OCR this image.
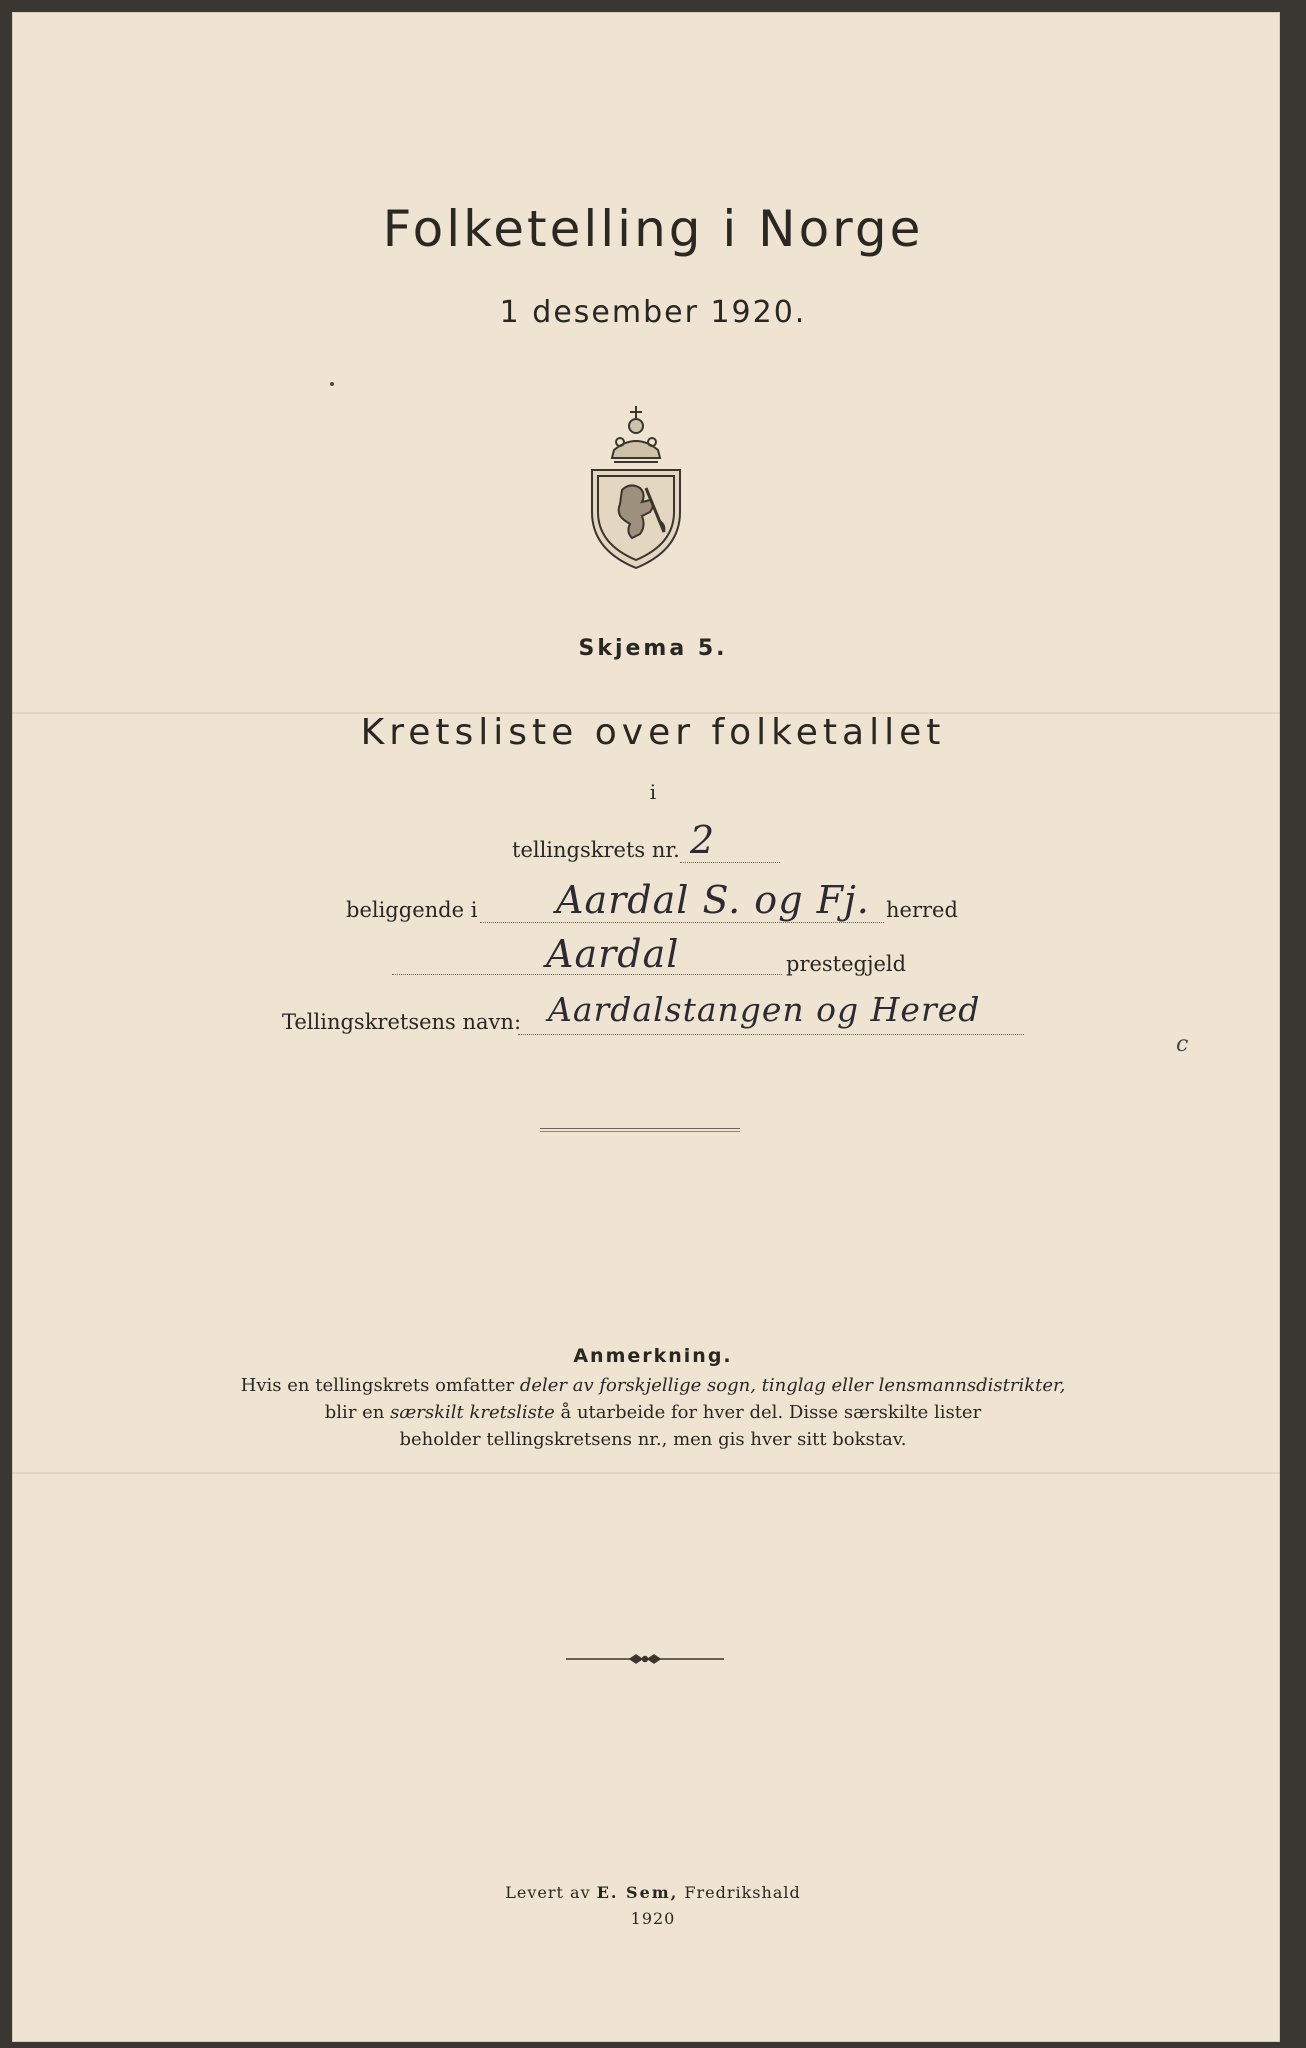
Folketelling i Norge
1 desember 1920.
Skjema 5.
Kretsliste over folketallet
i
tellingskrets nr. 2
beliggende i Aardal S. og Fj. herred
Aardal	prestegjeld
Tellingskretsens navn: Aardalstangen og Hered
c
Anmerkning.
Hvis en tellingskrets omfatter deler av forskjellige sogn, tinglag eller lensmannsdistrikter,
blir en særskilt kretsliste å utarbeide for hver del. Disse særskilte lister
beholder tellingskretsens nr., men gis hver sitt bokstav.
Levert av E. Sem, Fredrikshald
1920
